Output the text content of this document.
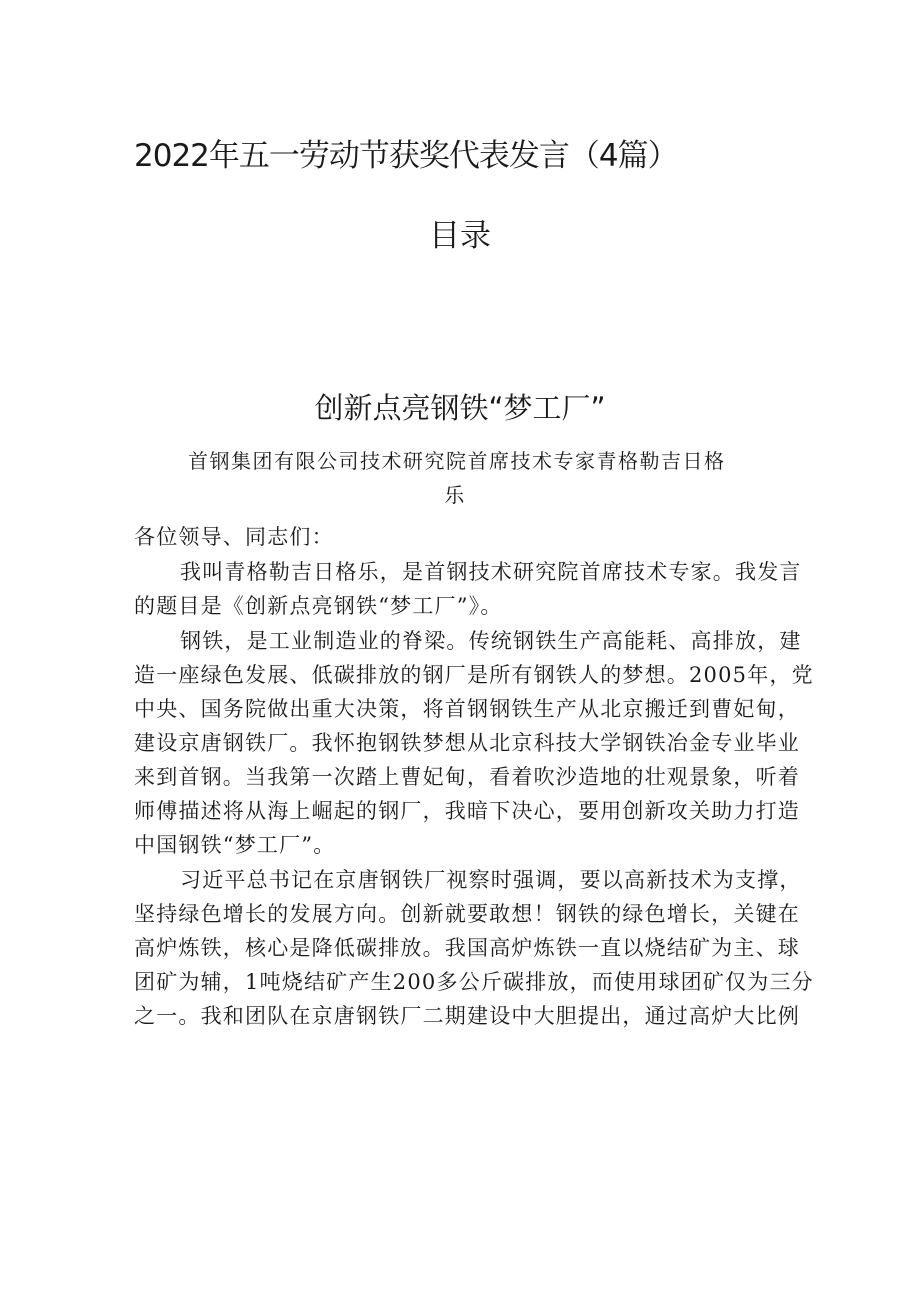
2022年五一劳动节获奖代表发言（4篇）
目录
创新点亮钢铁“梦工厂”
首钢集团有限公司技术研究院首席技术专家青格勒吉日格
乐

各位领导、同志们：

我叫青格勒吉日格乐，是首钢技术研究院首席技术专家。我发言
的题目是《创新点亮钢铁“梦工厂”》。

钢铁，是工业制造业的脊梁。传统钢铁生产高能耗、高排放，建
造一座绿色发展、低碳排放的钢厂是所有钢铁人的梦想。2005年，党
中央、国务院做出重大决策，将首钢钢铁生产从北京搬迁到曹妃甸，
建设京唐钢铁厂。我怀抱钢铁梦想从北京科技大学钢铁冶金专业毕业
来到首钢。当我第一次踏上曹妃甸，看着吹沙造地的壮观景象，听着
师傅描述将从海上崛起的钢厂，我暗下决心，要用创新攻关助力打造
中国钢铁“梦工厂”。

习近平总书记在京唐钢铁厂视察时强调，要以高新技术为支撑，
坚持绿色增长的发展方向。创新就要敢想！钢铁的绿色增长，关键在
高炉炼铁，核心是降低碳排放。我国高炉炼铁一直以烧结矿为主、球
团矿为辅，1吨烧结矿产生200多公斤碳排放，而使用球团矿仅为三分
之一。我和团队在京唐钢铁厂二期建设中大胆提出，通过高炉大比例
